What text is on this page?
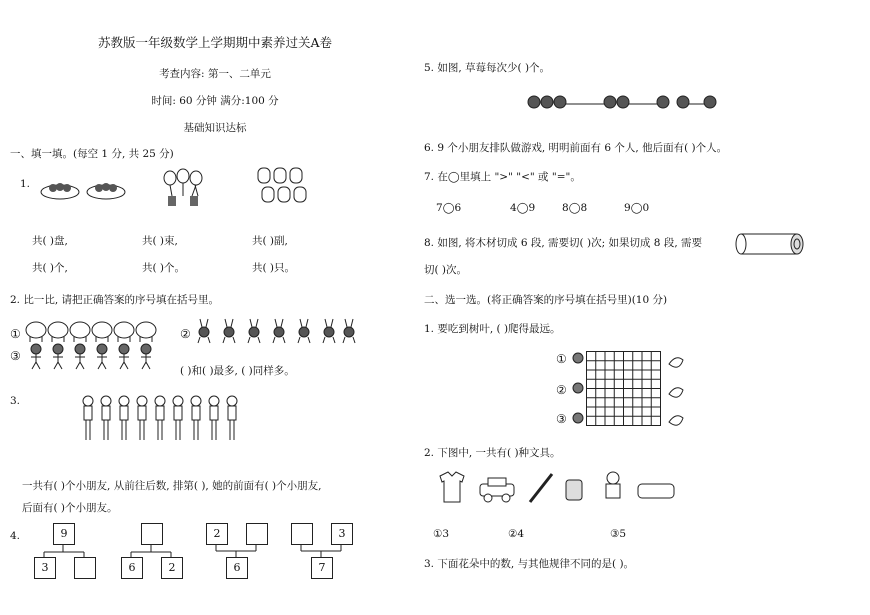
苏教版一年级数学上学期期中素养过关A卷
考查内容: 第一、二单元
时间: 60 分钟 满分:100 分
基础知识达标
一、填一填。(每空 1 分, 共 25 分)
1.
共( )盘,	共( )束,	共( )副,
共( )个,	共( )个。	共( )只。
2. 比一比, 请把正确答案的序号填在括号里。
①	②
③
( )和( )最多, ( )同样多。
3.
一共有( )个小朋友, 从前往后数, 排第( ), 她的前面有( )个小朋友,
后面有( )个小朋友。
4.	9
3	6	2
2
6
3
7
5. 如图, 草莓每次少( )个。
6. 9 个小朋友排队做游戏, 明明前面有 6 个人, 他后面有( )个人。
7. 在◯里填上 ">" "<" 或 "="。
7◯6	4◯9	8◯8	9◯0
8. 如图, 将木材切成 6 段, 需要切( )次; 如果切成 8 段, 需要
切( )次。
二、选一选。(将正确答案的序号填在括号里)(10 分)
1. 要吃到树叶, ( )爬得最远。
①
②
③
2. 下图中, 一共有( )种文具。
①3	②4	③5
3. 下面花朵中的数, 与其他规律不同的是( )。
